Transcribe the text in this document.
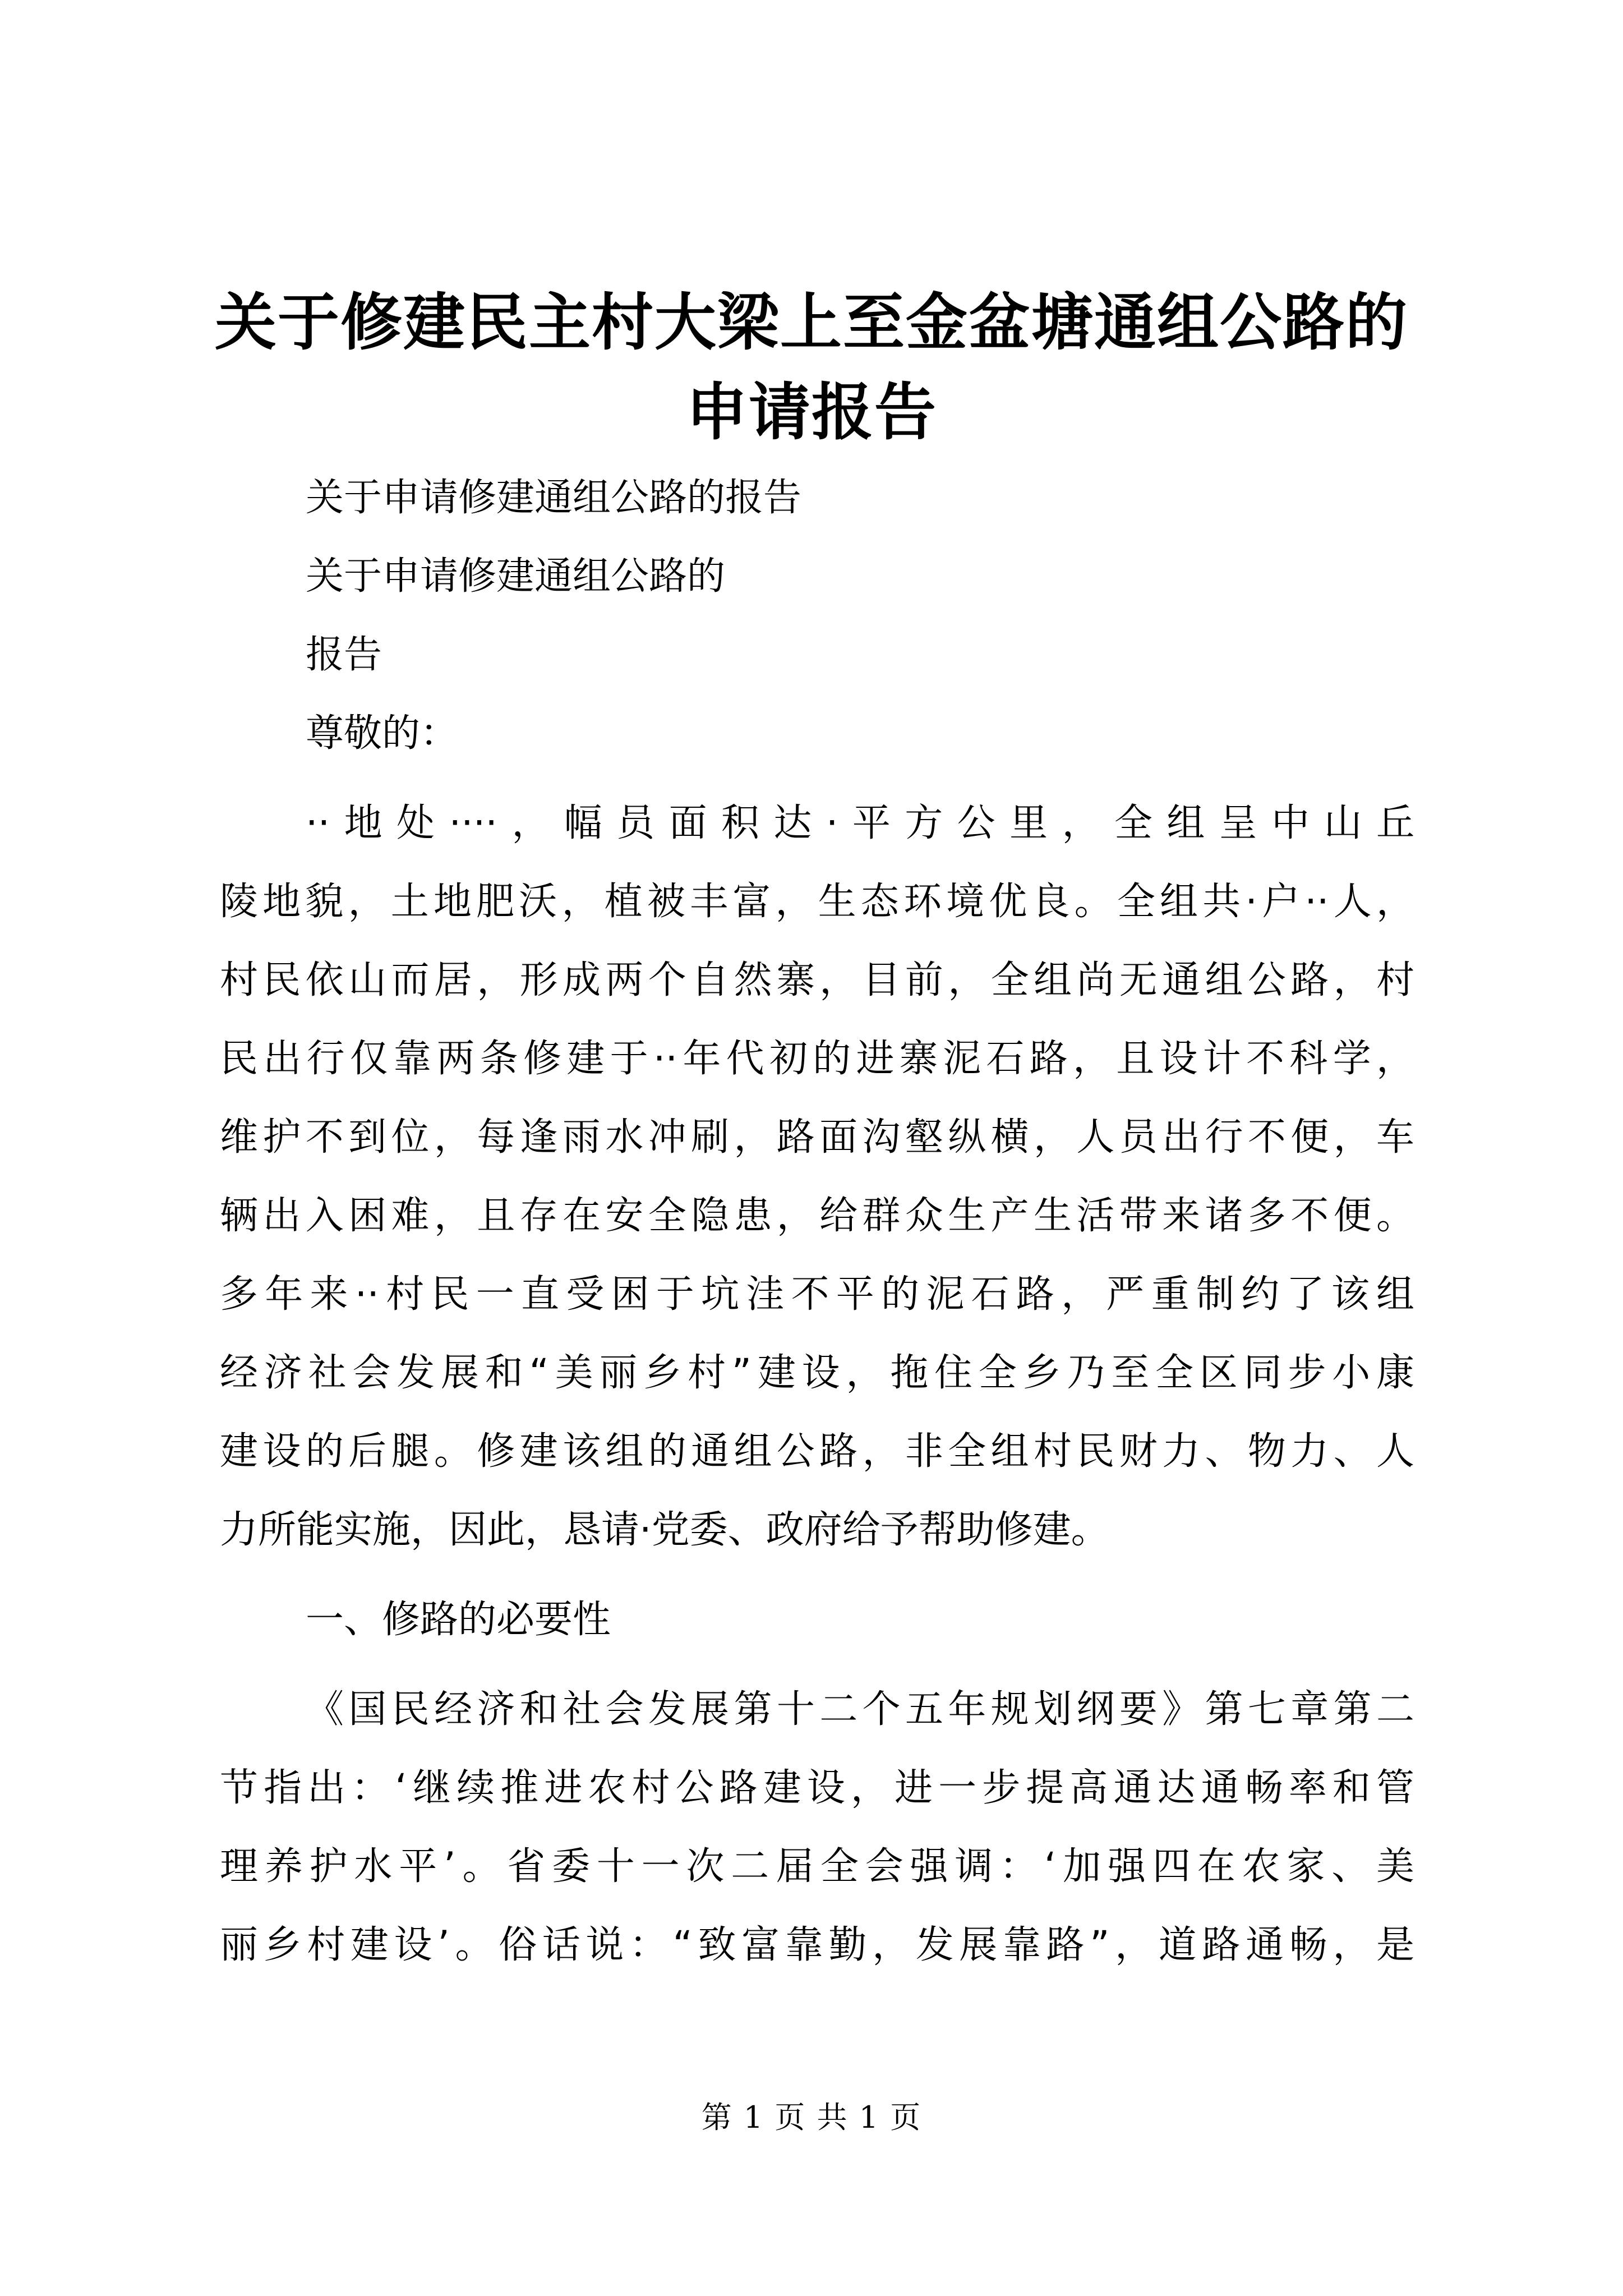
关于修建民主村大梁上至金盆塘通组公路的申请报告

关于申请修建通组公路的报告

关于申请修建通组公路的

报告

尊敬的：

··地处····，幅员面积达·平方公里，全组呈中山丘

陵地貌，土地肥沃，植被丰富，生态环境优良。全组共·户··人，

村民依山而居，形成两个自然寨，目前，全组尚无通组公路，村

民出行仅靠两条修建于··年代初的进寨泥石路，且设计不科学，

维护不到位，每逢雨水冲刷，路面沟壑纵横，人员出行不便，车

辆出入困难，且存在安全隐患，给群众生产生活带来诸多不便。

多年来··村民一直受困于坑洼不平的泥石路，严重制约了该组

经济社会发展和“美丽乡村”建设，拖住全乡乃至全区同步小康

建设的后腿。修建该组的通组公路，非全组村民财力、物力、人

力所能实施，因此，恳请·党委、政府给予帮助修建。

一、修路的必要性

《国民经济和社会发展第十二个五年规划纲要》第七章第二

节指出：‘继续推进农村公路建设，进一步提高通达通畅率和管

理养护水平’。省委十一次二届全会强调：‘加强四在农家、美

丽乡村建设’。俗话说：“致富靠勤，发展靠路”，道路通畅，是

第 1 页 共 1 页
